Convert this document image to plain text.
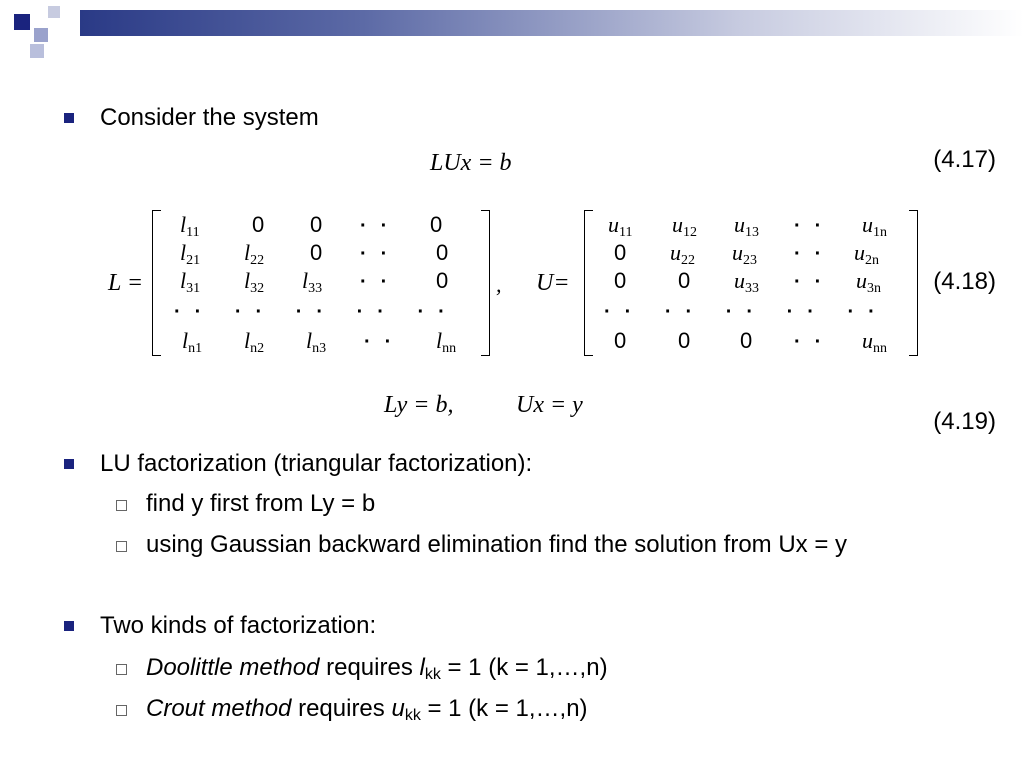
Consider the system
LUx = b	(4.17)
L =
$l_{11}$ 0 0 ·· 0
$l_{21}$ $l_{22}$ 0 ·· 0
$l_{31}$ $l_{32}$ $l_{33} \cdot\cdot 0$
·· ·· ·· ·· ··
$l_{n1}$ $l_{n2}$ $l_{n3} \cdot\cdot l_{nn}$
, U=
$u_{11}$ $u_{12}$ $u_{13} \cdot\cdot u_{1n}$
0 $u_{22}$ $u_{23} \cdot\cdot u_{2n}$
0 0 $u_{33} \cdot\cdot u_{3n}$
·· ·· ·· ·· ··
0 0 $0 \cdot\cdot u_{nn}$
(4.18)
Ly = b,	Ux = y
(4.19)
LU factorization (triangular factorization):
find y first from Ly = b
using Gaussian backward elimination find the solution from Ux = y
Two kinds of factorization:
Doolittle method requires lkk = 1 (k = 1,…,n)
Crout method requires ukk = 1 (k = 1,…,n)
